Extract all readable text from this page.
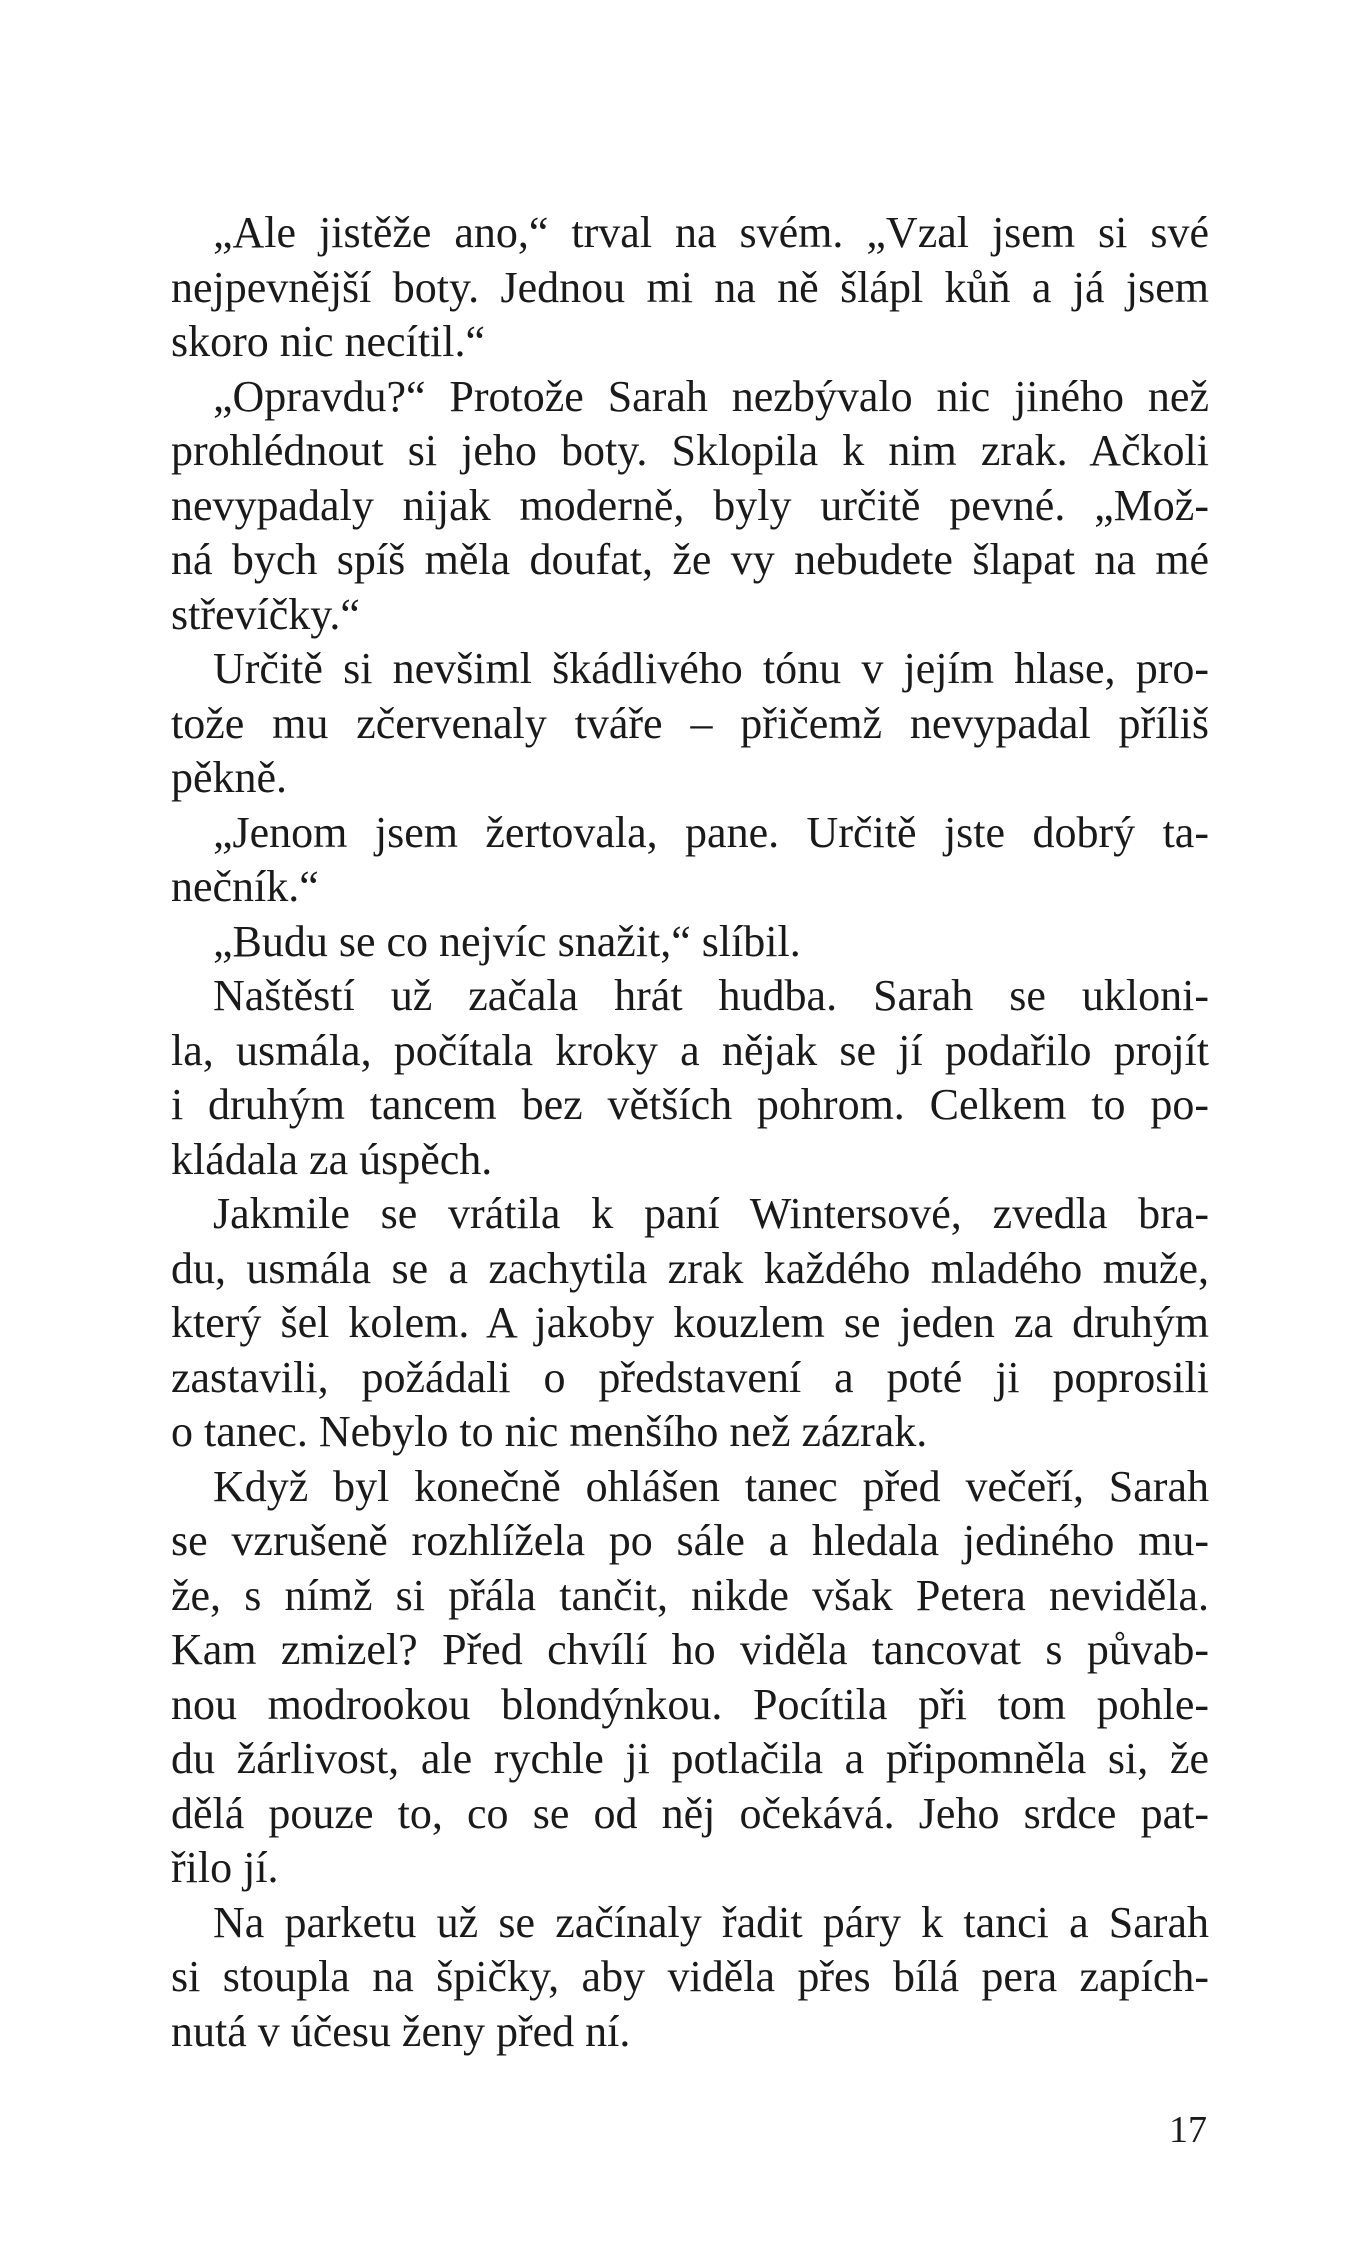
„Ale jistěže ano,“ trval na svém. „Vzal jsem si své
nejpevnější boty. Jednou mi na ně šlápl kůň a já jsem
skoro nic necítil.“
„Opravdu?“ Protože Sarah nezbývalo nic jiného než
prohlédnout si jeho boty. Sklopila k nim zrak. Ačkoli
nevypadaly nijak moderně, byly určitě pevné. „Mož-
ná bych spíš měla doufat, že vy nebudete šlapat na mé
střevíčky.“
Určitě si nevšiml škádlivého tónu v jejím hlase, pro-
tože mu zčervenaly tváře – přičemž nevypadal příliš
pěkně.
„Jenom jsem žertovala, pane. Určitě jste dobrý ta-
nečník.“
„Budu se co nejvíc snažit,“ slíbil.
Naštěstí už začala hrát hudba. Sarah se ukloni-
la, usmála, počítala kroky a nějak se jí podařilo projít
i druhým tancem bez větších pohrom. Celkem to po-
kládala za úspěch.
Jakmile se vrátila k paní Wintersové, zvedla bra-
du, usmála se a zachytila zrak každého mladého muže,
který šel kolem. A jakoby kouzlem se jeden za druhým
zastavili, požádali o představení a poté ji poprosili
o tanec. Nebylo to nic menšího než zázrak.
Když byl konečně ohlášen tanec před večeří, Sarah
se vzrušeně rozhlížela po sále a hledala jediného mu-
že, s nímž si přála tančit, nikde však Petera neviděla.
Kam zmizel? Před chvílí ho viděla tancovat s půvab-
nou modrookou blondýnkou. Pocítila při tom pohle-
du žárlivost, ale rychle ji potlačila a připomněla si, že
dělá pouze to, co se od něj očekává. Jeho srdce pat-
řilo jí.
Na parketu už se začínaly řadit páry k tanci a Sarah
si stoupla na špičky, aby viděla přes bílá pera zapích-
nutá v účesu ženy před ní.
17
